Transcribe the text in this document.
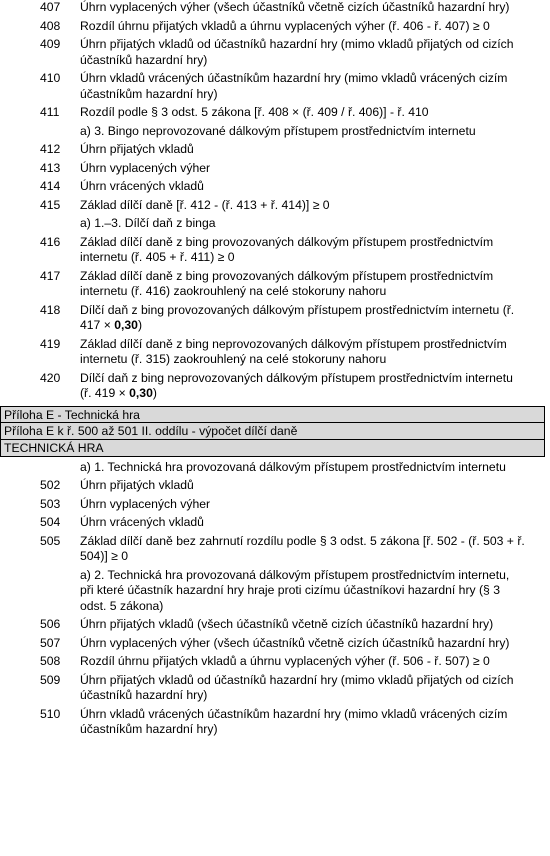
407	Úhrn vyplacených výher (všech účastníků včetně cizích účastníků hazardní hry)
408	Rozdíl úhrnu přijatých vkladů a úhrnu vyplacených výher (ř. 406 - ř. 407) ≥ 0
409	Úhrn přijatých vkladů od účastníků hazardní hry (mimo vkladů přijatých od cizích účastníků hazardní hry)
410	Úhrn vkladů vrácených účastníkům hazardní hry (mimo vkladů vrácených cizím účastníkům hazardní hry)
411	Rozdíl podle § 3 odst. 5 zákona [ř. 408 × (ř. 409 / ř. 406)] - ř. 410
a) 3. Bingo neprovozované dálkovým přístupem prostřednictvím internetu
412	Úhrn přijatých vkladů
413	Úhrn vyplacených výher
414	Úhrn vrácených vkladů
415	Základ dílčí daně [ř. 412 - (ř. 413 + ř. 414)] ≥ 0
a) 1.–3. Dílčí daň z binga
416	Základ dílčí daně z bing provozovaných dálkovým přístupem prostřednictvím internetu (ř. 405 + ř. 411) ≥ 0
417	Základ dílčí daně z bing provozovaných dálkovým přístupem prostřednictvím internetu (ř. 416) zaokrouhlený na celé stokoruny nahoru
418	Dílčí daň z bing provozovaných dálkovým přístupem prostřednictvím internetu (ř. 417 × 0,30)
419	Základ dílčí daně z bing neprovozovaných dálkovým přístupem prostřednictvím internetu (ř. 315) zaokrouhlený na celé stokoruny nahoru
420	Dílčí daň z bing neprovozovaných dálkovým přístupem prostřednictvím internetu (ř. 419 × 0,30)
Příloha E - Technická hra
Příloha E k ř. 500 až 501 II. oddílu - výpočet dílčí daně
TECHNICKÁ HRA
a) 1. Technická hra provozovaná dálkovým přístupem prostřednictvím internetu
502	Úhrn přijatých vkladů
503	Úhrn vyplacených výher
504	Úhrn vrácených vkladů
505	Základ dílčí daně bez zahrnutí rozdílu podle § 3 odst. 5 zákona [ř. 502 - (ř. 503 + ř. 504)] ≥ 0
a) 2. Technická hra provozovaná dálkovým přístupem prostřednictvím internetu, při které účastník hazardní hry hraje proti cizímu účastníkovi hazardní hry (§ 3 odst. 5 zákona)
506	Úhrn přijatých vkladů (všech účastníků včetně cizích účastníků hazardní hry)
507	Úhrn vyplacených výher (všech účastníků včetně cizích účastníků hazardní hry)
508	Rozdíl úhrnu přijatých vkladů a úhrnu vyplacených výher (ř. 506 - ř. 507) ≥ 0
509	Úhrn přijatých vkladů od účastníků hazardní hry (mimo vkladů přijatých od cizích účastníků hazardní hry)
510	Úhrn vkladů vrácených účastníkům hazardní hry (mimo vkladů vrácených cizím účastníkům hazardní hry)
